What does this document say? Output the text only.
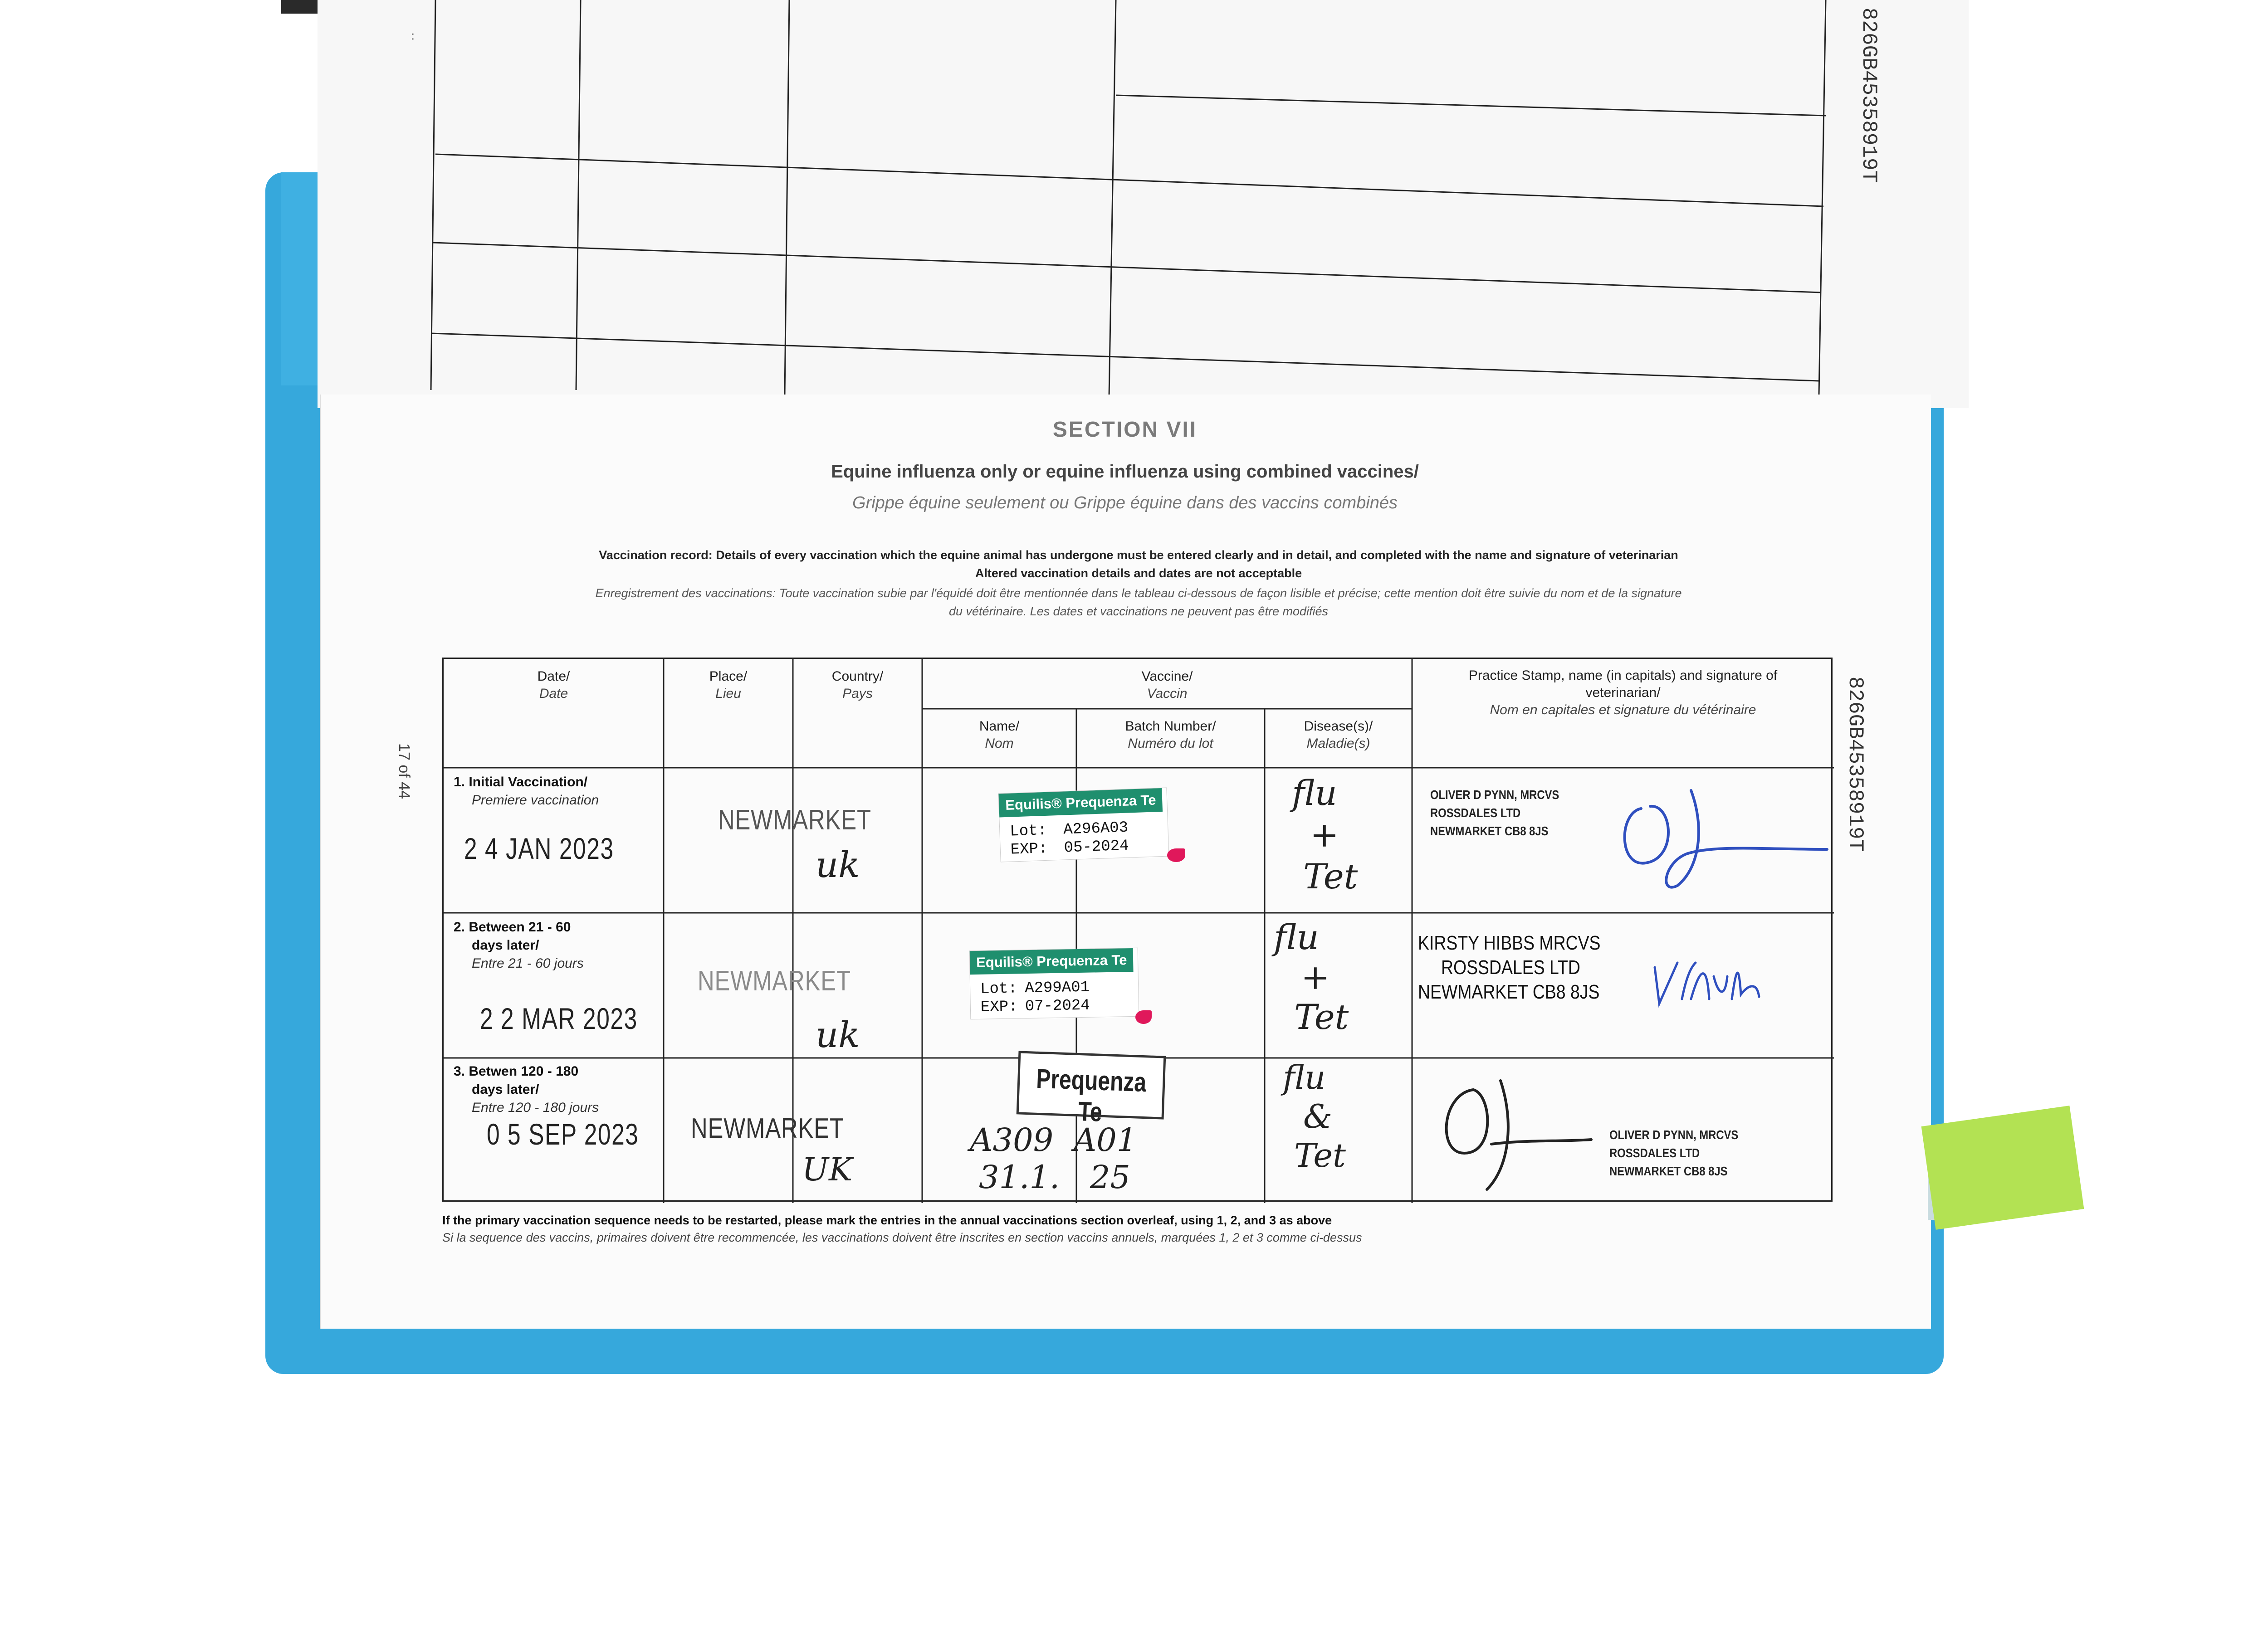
··	826GB45358919T
SECTION VII
Equine influenza only or equine influenza using combined vaccines/
Grippe équine seulement ou Grippe équine dans des vaccins combinés
Vaccination record: Details of every vaccination which the equine animal has undergone must be entered clearly and in detail, and completed with the name and signature of veterinarian
Altered vaccination details and dates are not acceptable
Enregistrement des vaccinations: Toute vaccination subie par l'équidé doit être mentionnée dans le tableau ci-dessous de façon lisible et précise; cette mention doit être suivie du nom et de la signature
du vétérinaire. Les dates et vaccinations ne peuvent pas être modifiés
17 of 44	826GB45358919T
Date/
Date
Place/
Lieu
Country/
Pays
Vaccine/
Vaccin
Name/
Nom
Batch Number/
Numéro du lot
Disease(s)/
Maladie(s)
Practice Stamp, name (in capitals) and signature of
veterinarian/
Nom en capitales et signature du vétérinaire
1. Initial Vaccination/
Premiere vaccination
2 4 JAN 2023
NEWMARKET
uk
Equilis® Prequenza Te
Lot: A296A03
EXP: 05-2024
flu
+
Tet
OLIVER D PYNN, MRCVS
ROSSDALES LTD
NEWMARKET CB8 8JS
2. Between 21 - 60
days later/
Entre 21 - 60 jours
2 2 MAR 2023
NEWMARKET
uk
Equilis® Prequenza Te
Lot: A299A01
EXP: 07-2024
flu
+
Tet
KIRSTY HIBBS MRCVS
ROSSDALES LTD
NEWMARKET CB8 8JS
3. Betwen 120 - 180
days later/
Entre 120 - 180 jours
0 5 SEP 2023 NEWMARKET
UK
Prequenza Te
A309 A01
31.1. 25
flu
&
Tet
OLIVER D PYNN, MRCVS
ROSSDALES LTD
NEWMARKET CB8 8JS
If the primary vaccination sequence needs to be restarted, please mark the entries in the annual vaccinations section overleaf, using 1, 2, and 3 as above
Si la sequence des vaccins, primaires doivent être recommencée, les vaccinations doivent être inscrites en section vaccins annuels, marquées 1, 2 et 3 comme ci-dessus
